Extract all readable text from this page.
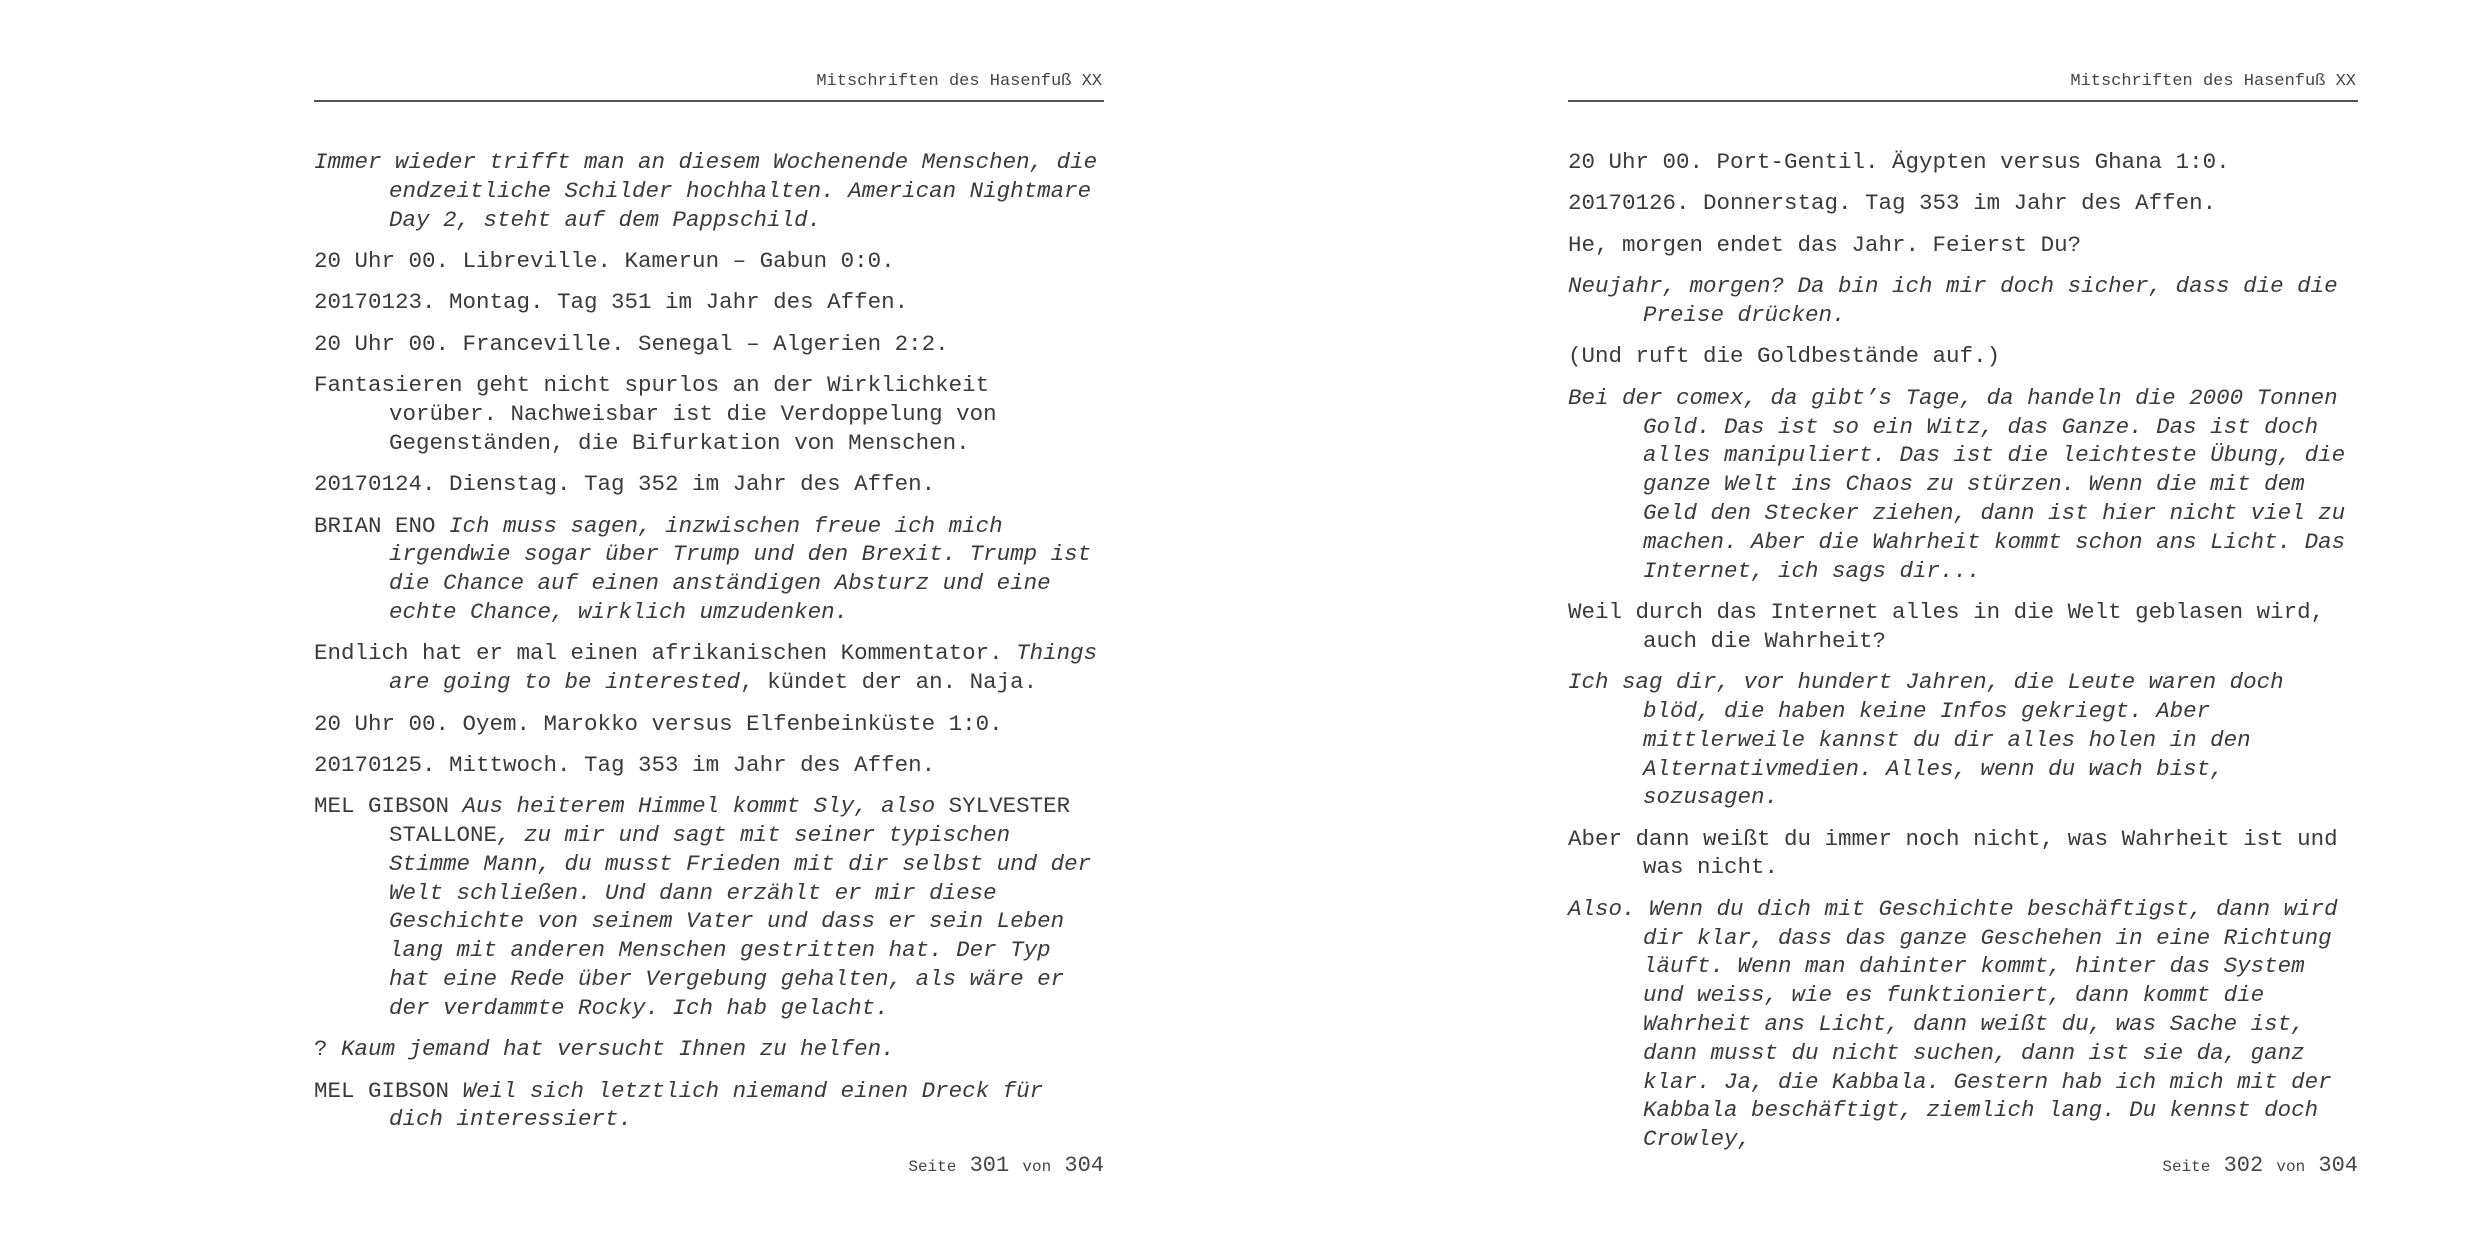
Mitschriften des Hasenfuß XX

Immer wieder trifft man an diesem Wochenende Menschen, die endzeitliche Schilder hochhalten. American Nightmare Day 2, steht auf dem Pappschild.

20 Uhr 00. Libreville. Kamerun – Gabun 0:0.

20170123. Montag. Tag 351 im Jahr des Affen.

20 Uhr 00. Franceville. Senegal – Algerien 2:2.

Fantasieren geht nicht spurlos an der Wirklichkeit vorüber. Nachweisbar ist die Verdoppelung von Gegenständen, die Bifurkation von Menschen.

20170124. Dienstag. Tag 352 im Jahr des Affen.

BRIAN ENO Ich muss sagen, inzwischen freue ich mich irgendwie sogar über Trump und den Brexit. Trump ist die Chance auf einen anständigen Absturz und eine echte Chance, wirklich umzudenken.

Endlich hat er mal einen afrikanischen Kommentator. Things are going to be interested, kündet der an. Naja.

20 Uhr 00. Oyem. Marokko versus Elfenbeinküste 1:0.

20170125. Mittwoch. Tag 353 im Jahr des Affen.

MEL GIBSON Aus heiterem Himmel kommt Sly, also SYLVESTER STALLONE, zu mir und sagt mit seiner typischen Stimme Mann, du musst Frieden mit dir selbst und der Welt schließen. Und dann erzählt er mir diese Geschichte von seinem Vater und dass er sein Leben lang mit anderen Menschen gestritten hat. Der Typ hat eine Rede über Vergebung gehalten, als wäre er der verdammte Rocky. Ich hab gelacht.

? Kaum jemand hat versucht Ihnen zu helfen.

MEL GIBSON Weil sich letztlich niemand einen Dreck für dich interessiert.

Seite 301 von 304
Mitschriften des Hasenfuß XX

20 Uhr 00. Port-Gentil. Ägypten versus Ghana 1:0.

20170126. Donnerstag. Tag 353 im Jahr des Affen.

He, morgen endet das Jahr. Feierst Du?

Neujahr, morgen? Da bin ich mir doch sicher, dass die die Preise drücken.

(Und ruft die Goldbestände auf.)

Bei der comex, da gibt’s Tage, da handeln die 2000 Tonnen Gold. Das ist so ein Witz, das Ganze. Das ist doch alles manipuliert. Das ist die leichteste Übung, die ganze Welt ins Chaos zu stürzen. Wenn die mit dem Geld den Stecker ziehen, dann ist hier nicht viel zu machen. Aber die Wahrheit kommt schon ans Licht. Das Internet, ich sags dir...

Weil durch das Internet alles in die Welt geblasen wird, auch die Wahrheit?

Ich sag dir, vor hundert Jahren, die Leute waren doch blöd, die haben keine Infos gekriegt. Aber mittlerweile kannst du dir alles holen in den Alternativmedien. Alles, wenn du wach bist, sozusagen.

Aber dann weißt du immer noch nicht, was Wahrheit ist und was nicht.

Also. Wenn du dich mit Geschichte beschäftigst, dann wird dir klar, dass das ganze Geschehen in eine Richtung läuft. Wenn man dahinter kommt, hinter das System und weiss, wie es funktioniert, dann kommt die Wahrheit ans Licht, dann weißt du, was Sache ist, dann musst du nicht suchen, dann ist sie da, ganz klar. Ja, die Kabbala. Gestern hab ich mich mit der Kabbala beschäftigt, ziemlich lang. Du kennst doch Crowley,

Seite 302 von 304
